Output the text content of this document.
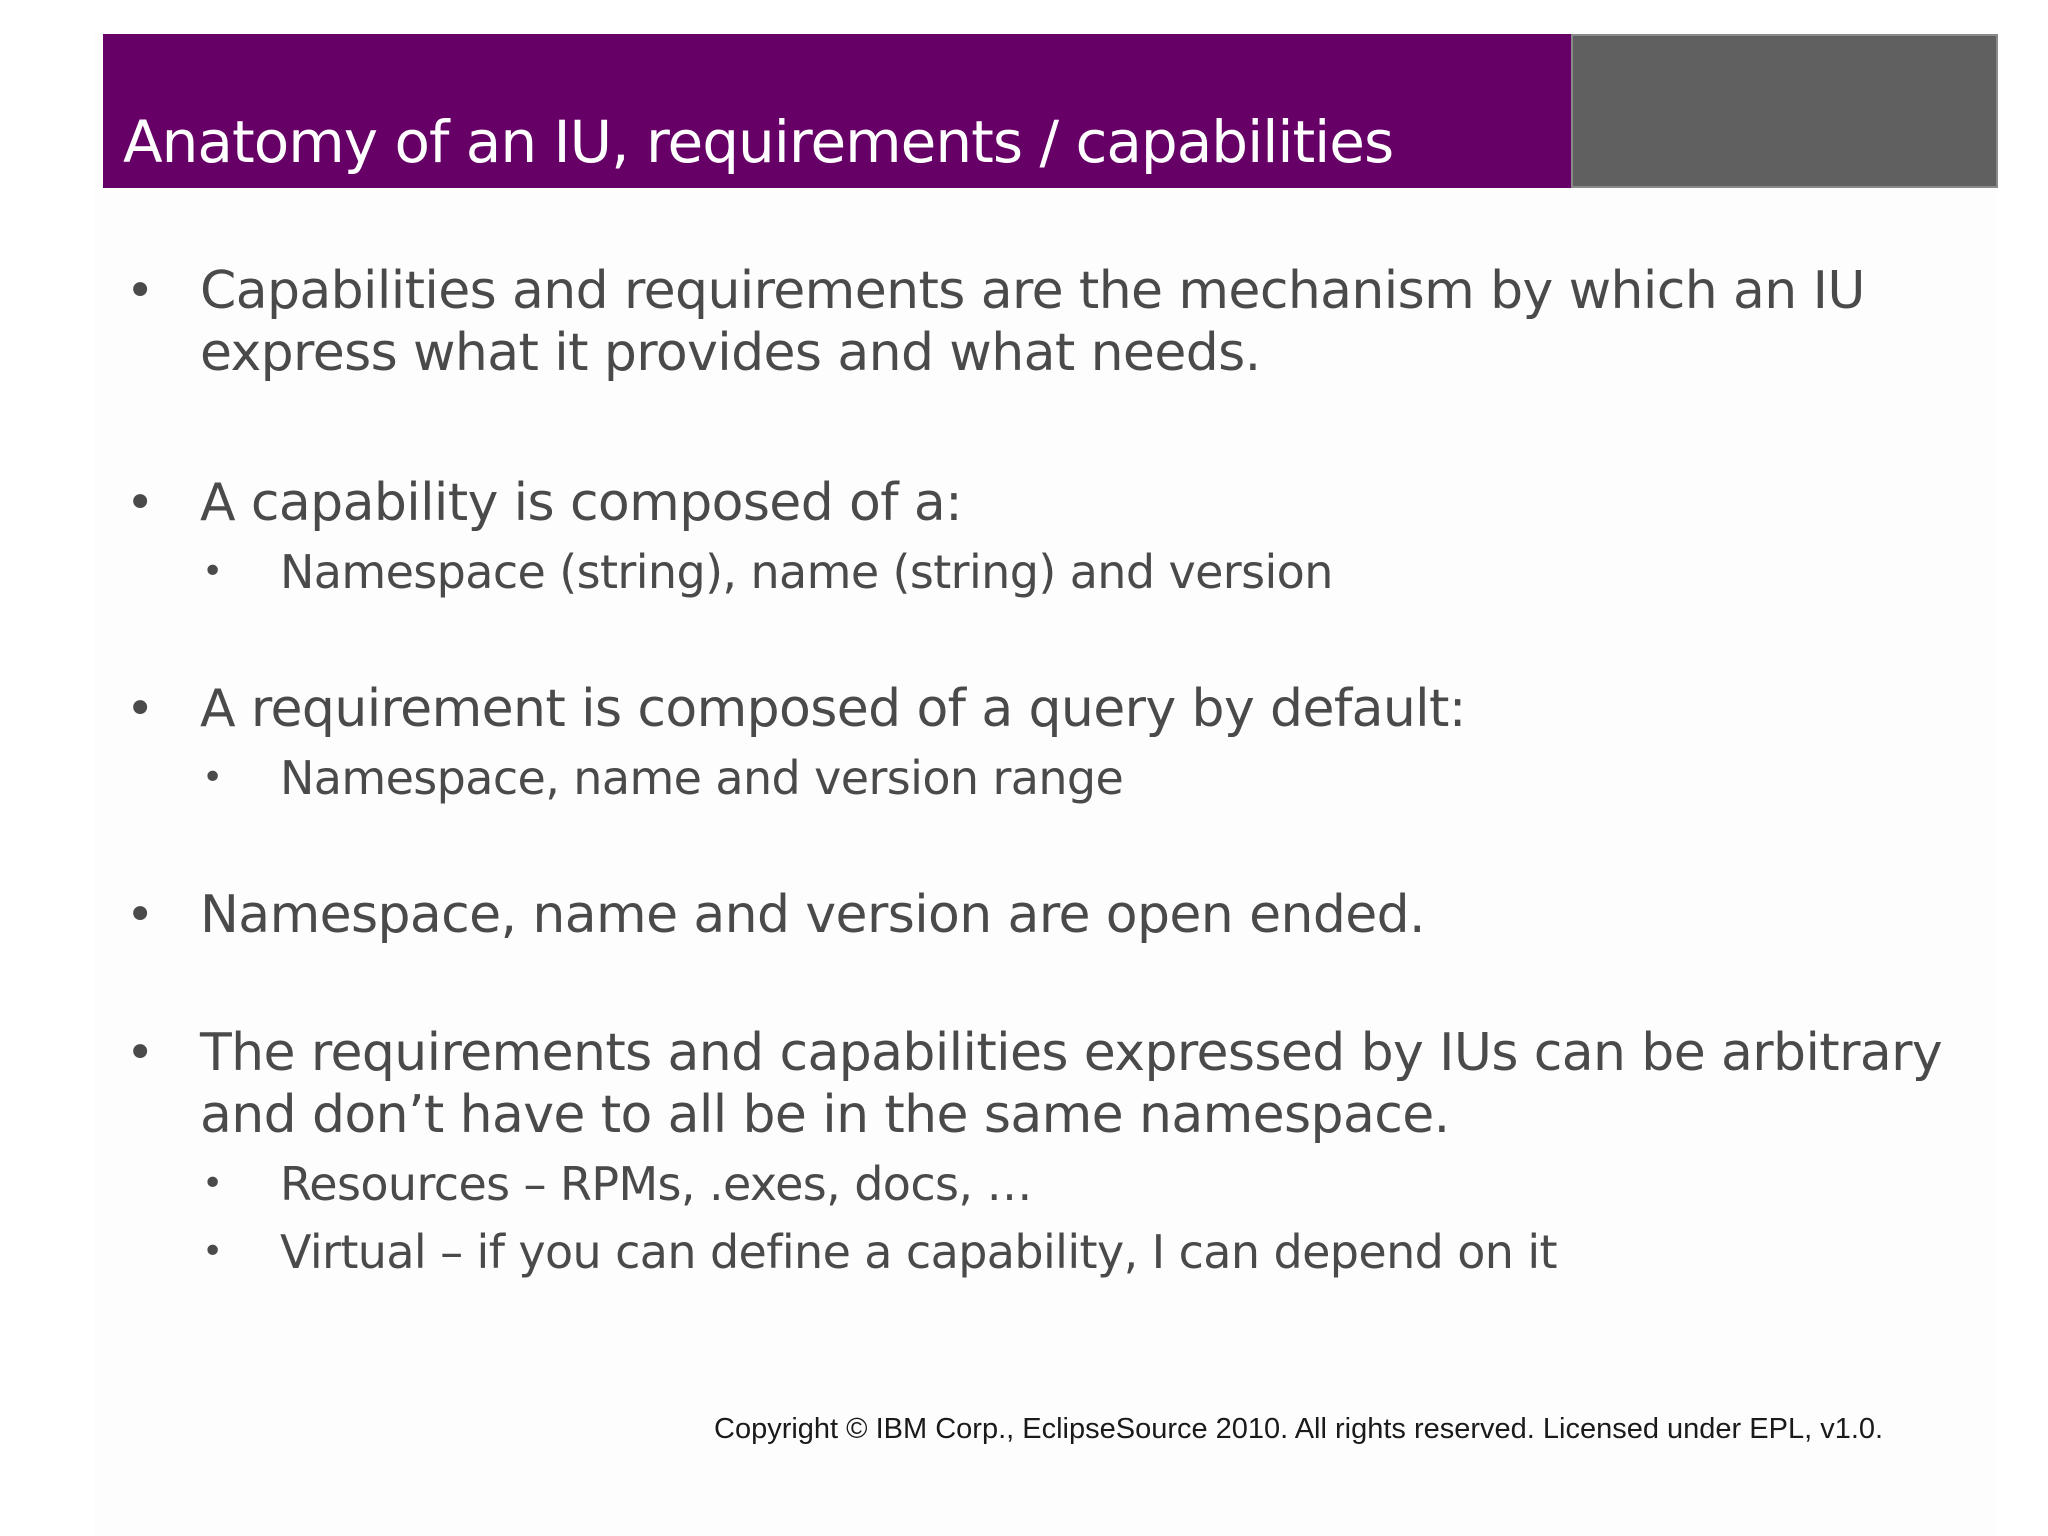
Anatomy of an IU, requirements / capabilities
• Capabilities and requirements are the mechanism by which an IU express what it provides and what needs.
• A capability is composed of a:
• Namespace (string), name (string) and version
• A requirement is composed of a query by default:
• Namespace, name and version range
• Namespace, name and version are open ended.
• The requirements and capabilities expressed by IUs can be arbitrary and don’t have to all be in the same namespace.
• Resources – RPMs, .exes, docs, …
• Virtual – if you can define a capability, I can depend on it
Copyright © IBM Corp., EclipseSource 2010. All rights reserved. Licensed under EPL, v1.0.
